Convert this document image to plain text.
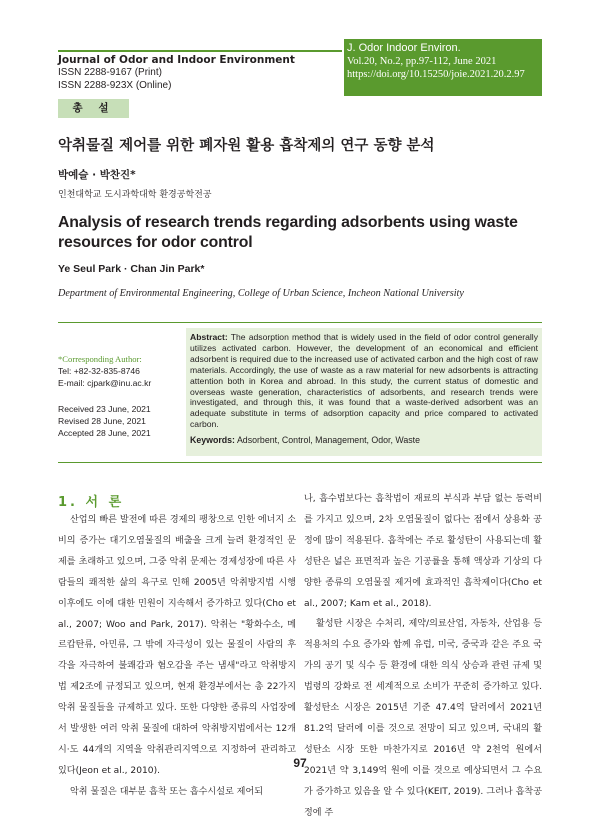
Journal of Odor and Indoor Environment
ISSN 2288-9167 (Print)
ISSN 2288-923X (Online)
J. Odor Indoor Environ.
Vol.20, No.2, pp.97-112, June 2021
https://doi.org/10.15250/joie.2021.20.2.97
총 설
악취물질 제어를 위한 폐자원 활용 흡착제의 연구 동향 분석
박예슬 · 박찬진*
인천대학교 도시과학대학 환경공학전공
Analysis of research trends regarding adsorbents using waste resources for odor control
Ye Seul Park · Chan Jin Park*
Department of Environmental Engineering, College of Urban Science, Incheon National University
*Corresponding Author:
Tel: +82-32-835-8746
E-mail: cjpark@inu.ac.kr
Received 23 June, 2021
Revised 28 June, 2021
Accepted 28 June, 2021
Abstract: The adsorption method that is widely used in the field of odor control generally utilizes activated carbon. However, the development of an economical and efficient adsorbent is required due to the increased use of activated carbon and the high cost of raw materials. Accordingly, the use of waste as a raw material for new adsorbents is attracting attention both in Korea and abroad. In this study, the current status of domestic and overseas waste generation, characteristics of adsorbents, and research trends were investigated, and through this, it was found that a waste-derived adsorbent was an adequate substitute in terms of adsorption capacity and price compared to activated carbon.
Keywords: Adsorbent, Control, Management, Odor, Waste
1. 서 론

산업의 빠른 발전에 따른 경제의 팽창으로 인한 에너지 소비의 증가는 대기오염물질의 배출을 크게 늘려 환경적인 문제를 초래하고 있으며, 그중 악취 문제는 경제성장에 따른 사람들의 쾌적한 삶의 욕구로 인해 2005년 악취방지법 시행 이후에도 이에 대한 민원이 지속해서 증가하고 있다(Cho et al., 2007; Woo and Park, 2017). 악취는 "황화수소, 메르캅탄류, 아민류, 그 밖에 자극성이 있는 물질이 사람의 후각을 자극하여 불쾌감과 혐오감을 주는 냄새"라고 악취방지법 제2조에 규정되고 있으며, 현재 환경부에서는 총 22가지 악취 물질들을 규제하고 있다. 또한 다양한 종류의 사업장에서 발생한 여러 악취 물질에 대하여 악취방지법에서는 12개 시·도 44개의 지역을 악취관리지역으로 지정하여 관리하고 있다(Jeon et al., 2010).

악취 물질은 대부분 흡착 또는 흡수시설로 제어되

나, 흡수법보다는 흡착법이 재료의 부식과 부담 없는 동력비를 가지고 있으며, 2차 오염물질이 없다는 점에서 상용화 공정에 많이 적용된다. 흡착에는 주로 활성탄이 사용되는데 활성탄은 넓은 표면적과 높은 기공률을 통해 액상과 기상의 다양한 종류의 오염물질 제거에 효과적인 흡착제이다(Cho et al., 2007; Kam et al., 2018).

활성탄 시장은 수처리, 제약/의료산업, 자동차, 산업용 등 적용처의 수요 증가와 함께 유럽, 미국, 중국과 같은 주요 국가의 공기 및 식수 등 환경에 대한 의식 상승과 관련 규제 및 법령의 강화로 전 세계적으로 소비가 꾸준히 증가하고 있다. 활성탄소 시장은 2015년 기준 47.4억 달러에서 2021년 81.2억 달러에 이를 것으로 전망이 되고 있으며, 국내의 활성탄소 시장 또한 마찬가지로 2016년 약 2천억 원에서 2021년 약 3,149억 원에 이를 것으로 예상되면서 그 수요가 증가하고 있음을 알 수 있다(KEIT, 2019). 그러나 흡착공정에 주

97
